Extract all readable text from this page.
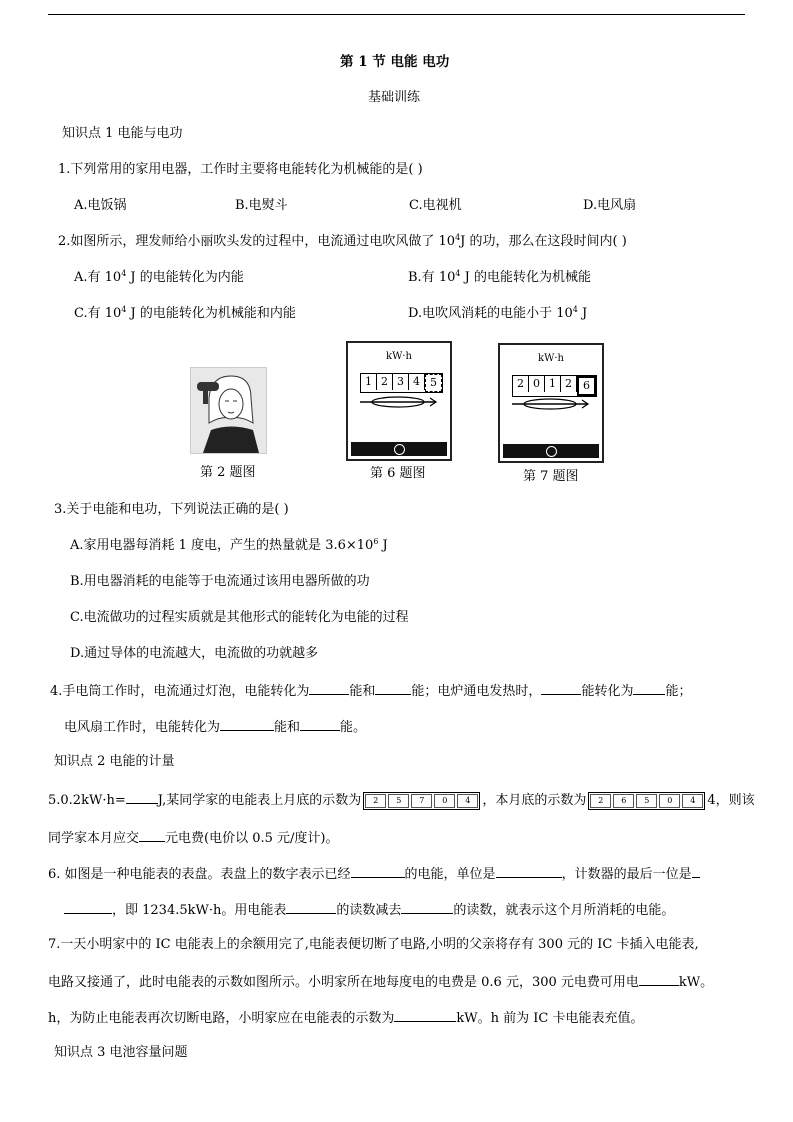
第 1 节 电能 电功
基础训练
知识点 1 电能与电功
1.下列常用的家用电器，工作时主要将电能转化为机械能的是( )
A.电饭锅	B.电熨斗	C.电视机	D.电风扇
2.如图所示，理发师给小丽吹头发的过程中，电流通过电吹风做了 $10^4J$ 的功，那么在这段时间内( )
A.有 $10^4$ J 的电能转化为内能	B.有 $10^4$ J 的电能转化为机械能
C.有 $10^4$ J 的电能转化为机械能和内能	D.电吹风消耗的电能小于 $10^4$ J
第 2 题图
kW·h
1 2 3 4 5
第 6 题图
kW·h
2 0 1 2	6
第 7 题图
3.关于电能和电功，下列说法正确的是( )
A.家用电器每消耗 1 度电，产生的热量就是 $3.6\times 10^6$ J
B.用电器消耗的电能等于电流通过该用电器所做的功
C.电流做功的过程实质就是其他形式的能转化为电能的过程
D.通过导体的电流越大，电流做的功就越多
4.手电筒工作时，电流通过灯泡，电能转化为	能和	能；电炉通电发热时，	能转化为 能；
电风扇工作时，电能转化为	能和	能。
知识点 2 电能的计量
5.0.2kW·h= J,某同学家的电能表上月底的示数为	2	5	7	0	4 ，本月底的示数为	2	6	5	0	4 4，则该
同学家本月应交 元电费(电价以 0.5 元/度计)。
6. 如图是一种电能表的表盘。表盘上的数字表示已经	的电能，单位是	，计数器的最后一位是
，即 1234.5kW·h。用电能表	的读数减去	的读数，就表示这个月所消耗的电能。
7.一天小明家中的 IC 电能表上的余额用完了,电能表便切断了电路,小明的父亲将存有 300 元的 IC 卡插入电能表,
电路又接通了，此时电能表的示数如图所示。小明家所在地每度电的电费是 0.6 元，300 元电费可用电	kW。
h，为防止电能表再次切断电路，小明家应在电能表的示数为	kW。h 前为 IC 卡电能表充值。
知识点 3 电池容量问题
